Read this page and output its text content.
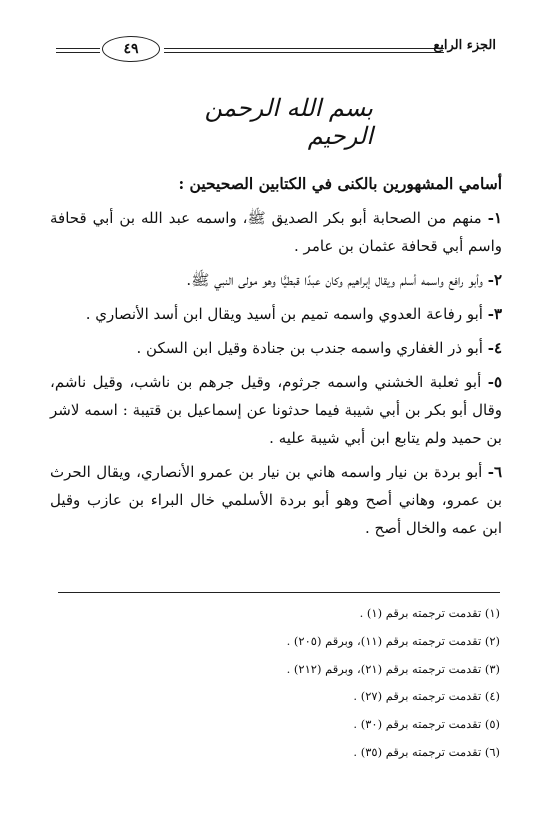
٤٩	الجزء الرابع
بسم الله الرحمن الرحيم

أسامي المشهورين بالكنى في الكتابين الصحيحين :

١- منهم من الصحابة أبو بكر الصديق ﷺ، واسمه عبد الله بن أبي قحافة واسم أبي قحافة عثمان بن عامر .

٢- وأبو رافع واسمه أسلم ويقال إبراهيم وكان عبدًا قبطيًّا وهو مولى النبي ﷺ.

٣- أبو رفاعة العدوي واسمه تميم بن أسيد ويقال ابن أسد الأنصاري .

٤- أبو ذر الغفاري واسمه جندب بن جنادة وقيل ابن السكن .

٥- أبو ثعلبة الخشني واسمه جرثوم، وقيل جرهم بن ناشب، وقيل ناشم، وقال أبو بكر بن أبي شيبة فيما حدثونا عن إسماعيل بن قتيبة : اسمه لاشر بن حميد ولم يتابع ابن أبي شيبة عليه .

٦- أبو بردة بن نيار واسمه هاني بن نيار بن عمرو الأنصاري، ويقال الحرث بن عمرو، وهاني أصح وهو أبو بردة الأسلمي خال البراء بن عازب وقيل ابن عمه والخال أصح .

(١) تقدمت ترجمته برقم (١) .
(٢) تقدمت ترجمته برقم (١١)، وبرقم (٢٠٥) .
(٣) تقدمت ترجمته برقم (٢١)، وبرقم (٢١٢) .
(٤) تقدمت ترجمته برقم (٢٧) .
(٥) تقدمت ترجمته برقم (٣٠) .
(٦) تقدمت ترجمته برقم (٣٥) .
